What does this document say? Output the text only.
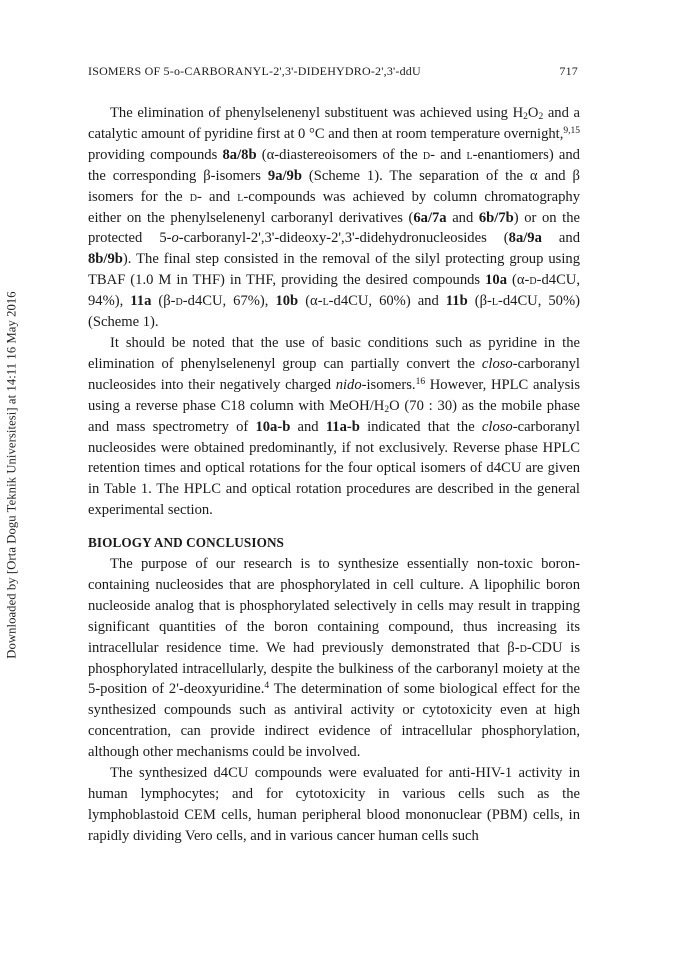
Downloaded by [Orta Dogu Teknik Universitesi] at 14:11 16 May 2016
ISOMERS OF 5-o-CARBORANYL-2',3'-DIDEHYDRO-2',3'-ddU	717

The elimination of phenylselenenyl substituent was achieved using $H_2O_2$ and a catalytic amount of pyridine first at 0 °C and then at room temperature overnight,$^{9,15}$ providing compounds 8a/8b (α-diastereoisomers of the d- and l-enantiomers) and the corresponding β-isomers 9a/9b (Scheme 1). The separation of the α and β isomers for the d- and l-compounds was achieved by column chromatography either on the phenylselenenyl carboranyl derivatives (6a/7a and 6b/7b) or on the protected 5-o-carboranyl-2',3'-dideoxy-2',3'-didehydronucleosides (8a/9a and 8b/9b). The final step consisted in the removal of the silyl protecting group using TBAF (1.0 M in THF) in THF, providing the desired compounds 10a (α-d-d4CU, 94%), 11a (β-d-d4CU, 67%), 10b (α-l-d4CU, 60%) and 11b (β-l-d4CU, 50%) (Scheme 1).

It should be noted that the use of basic conditions such as pyridine in the elimination of phenylselenenyl group can partially convert the closo-carboranyl nucleosides into their negatively charged nido-isomers.$^{16}$ However, HPLC analysis using a reverse phase C18 column with MeOH/$H_2O$ (70 : 30) as the mobile phase and mass spectrometry of 10a-b and 11a-b indicated that the closo-carboranyl nucleosides were obtained predominantly, if not exclusively. Reverse phase HPLC retention times and optical rotations for the four optical isomers of d4CU are given in Table 1. The HPLC and optical rotation procedures are described in the general experimental section.

BIOLOGY AND CONCLUSIONS

The purpose of our research is to synthesize essentially non-toxic boron-containing nucleosides that are phosphorylated in cell culture. A lipophilic boron nucleoside analog that is phosphorylated selectively in cells may result in trapping significant quantities of the boron containing compound, thus increasing its intracellular residence time. We had previously demonstrated that β-d-CDU is phosphorylated intracellularly, despite the bulkiness of the carboranyl moiety at the 5-position of 2'-deoxyuridine.$^4$ The determination of some biological effect for the synthesized compounds such as antiviral activity or cytotoxicity even at high concentration, can provide indirect evidence of intracellular phosphorylation, although other mechanisms could be involved.

The synthesized d4CU compounds were evaluated for anti-HIV-1 activity in human lymphocytes; and for cytotoxicity in various cells such as the lymphoblastoid CEM cells, human peripheral blood mononuclear (PBM) cells, in rapidly dividing Vero cells, and in various cancer human cells such
